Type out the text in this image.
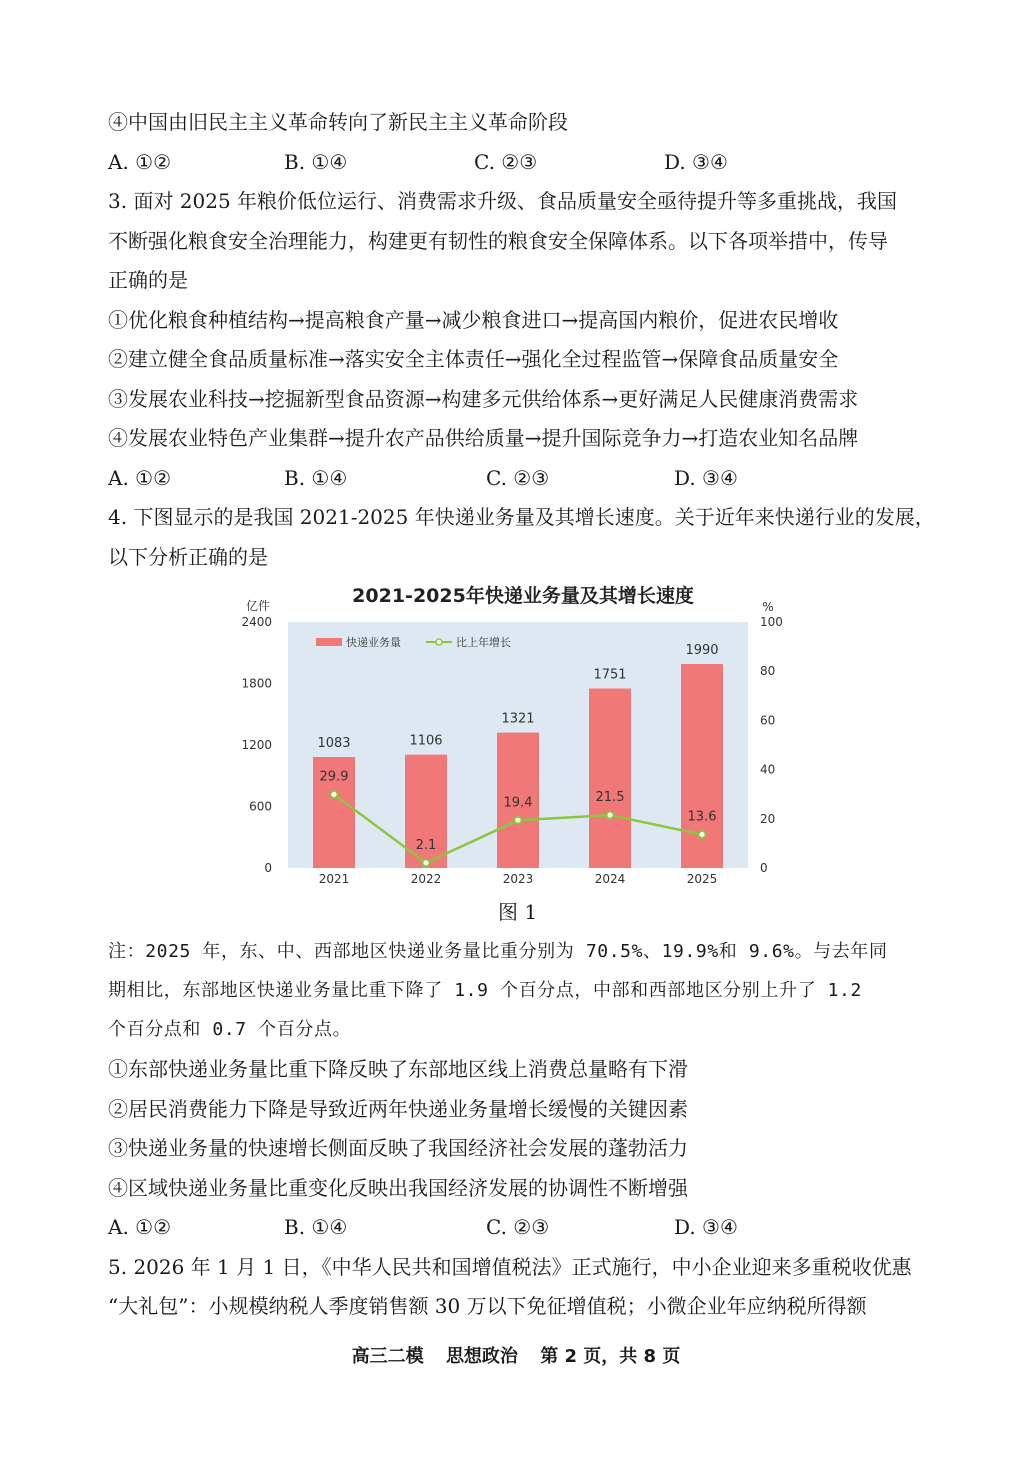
④中国由旧民主主义革命转向了新民主主义革命阶段
A. ①②	B. ①④	C. ②③	D. ③④
3. 面对 2025 年粮价低位运行、消费需求升级、食品质量安全亟待提升等多重挑战，我国
不断强化粮食安全治理能力，构建更有韧性的粮食安全保障体系。以下各项举措中，传导
正确的是
①优化粮食种植结构→提高粮食产量→减少粮食进口→提高国内粮价，促进农民增收
②建立健全食品质量标准→落实安全主体责任→强化全过程监管→保障食品质量安全
③发展农业科技→挖掘新型食品资源→构建多元供给体系→更好满足人民健康消费需求
④发展农业特色产业集群→提升农产品供给质量→提升国际竞争力→打造农业知名品牌
A. ①②	B. ①④	C. ②③	D. ③④
4. 下图显示的是我国 2021-2025 年快递业务量及其增长速度。关于近年来快递行业的发展，
以下分析正确的是
2021-2025年快递业务量及其增长速度
亿件	%
0
600
1200
1800
2400
0
20
40
60
80
100
1083	1106
1321
1751
1990
2021	2022	2023	2024	2025
29.9
2.1
19.4	21.5
13.6
快递业务量	比上年增长
图 1
注：2025 年，东、中、西部地区快递业务量比重分别为 70.5%、19.9%和 9.6%。与去年同
期相比，东部地区快递业务量比重下降了 1.9 个百分点，中部和西部地区分别上升了 1.2
个百分点和 0.7 个百分点。
①东部快递业务量比重下降反映了东部地区线上消费总量略有下滑
②居民消费能力下降是导致近两年快递业务量增长缓慢的关键因素
③快递业务量的快速增长侧面反映了我国经济社会发展的蓬勃活力
④区域快递业务量比重变化反映出我国经济发展的协调性不断增强
A. ①②	B. ①④	C. ②③	D. ③④
5. 2026 年 1 月 1 日，《中华人民共和国增值税法》正式施行，中小企业迎来多重税收优惠
“大礼包”：小规模纳税人季度销售额 30 万以下免征增值税；小微企业年应纳税所得额
高三二模 思想政治 第 2 页，共 8 页
